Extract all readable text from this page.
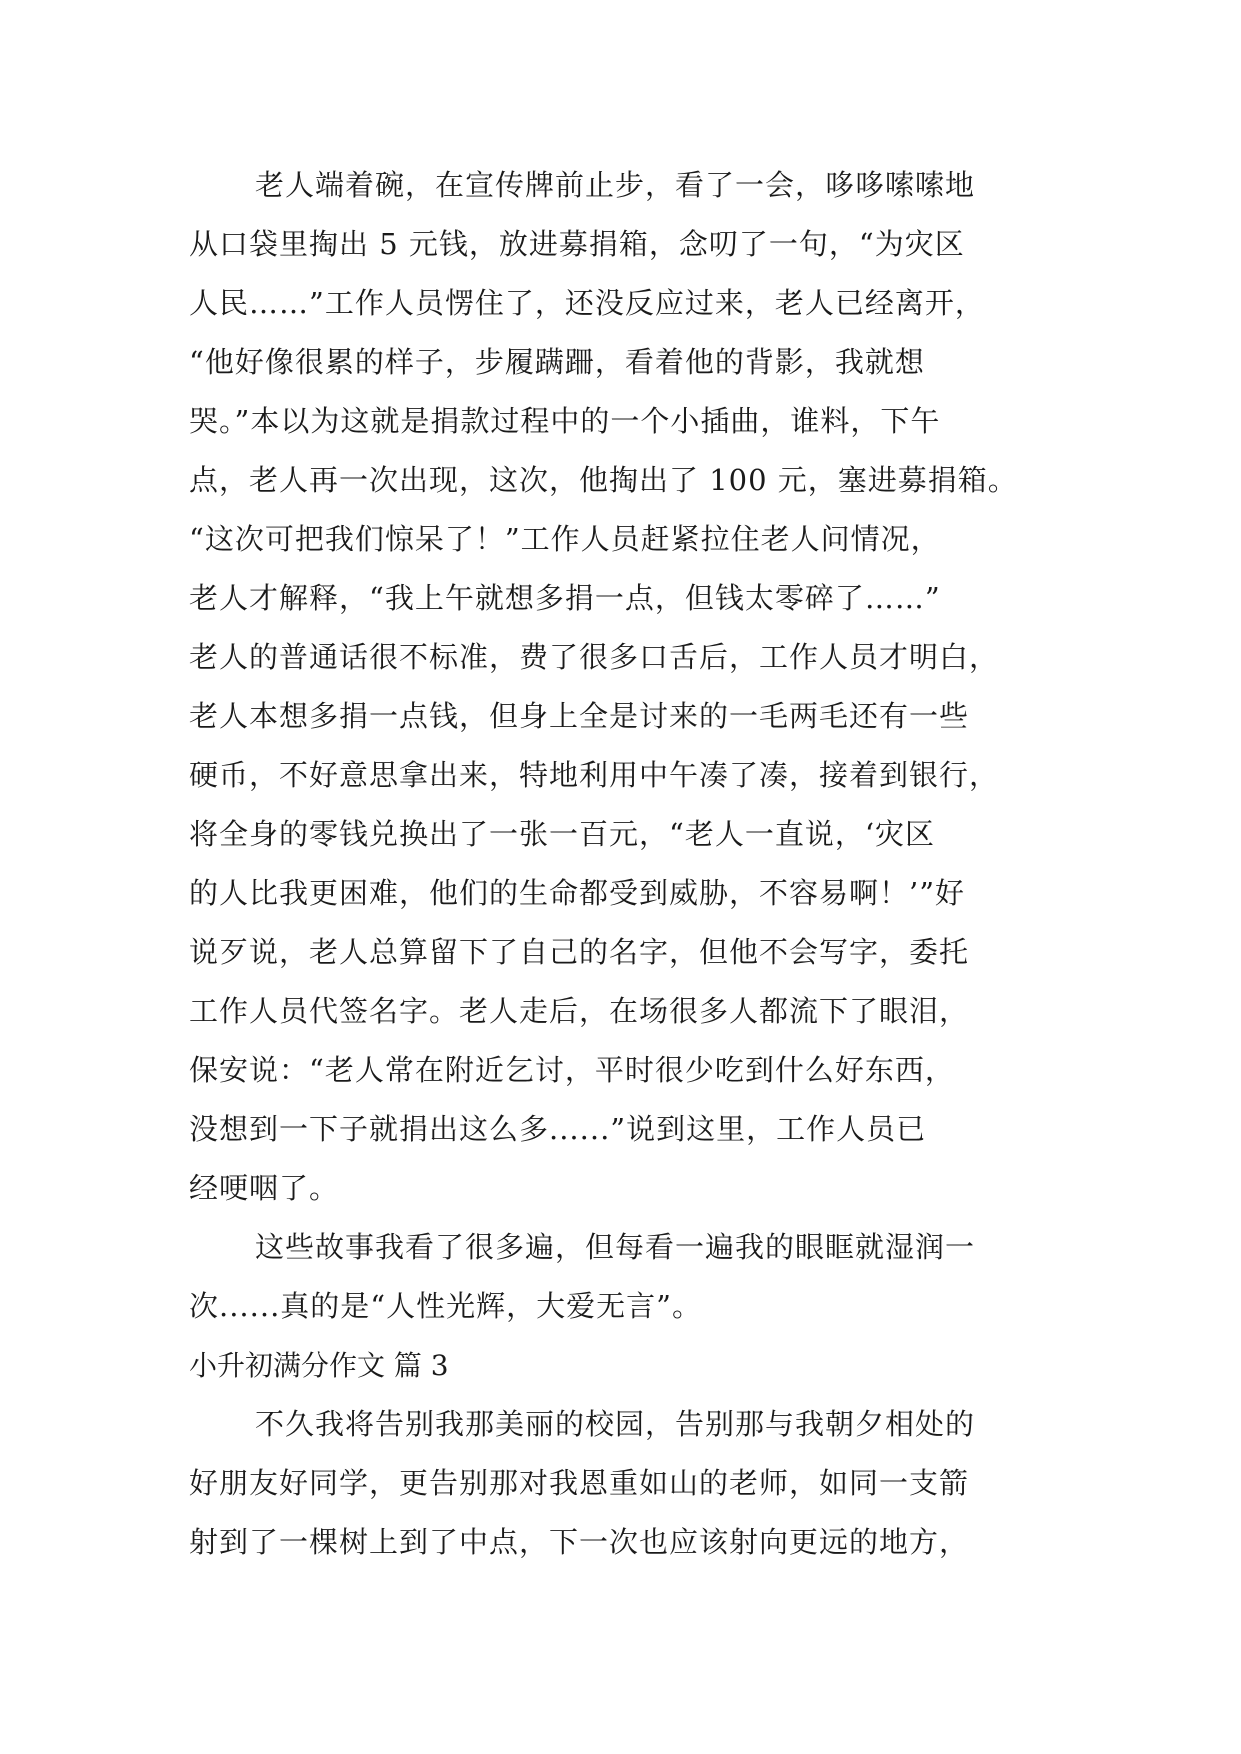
老人端着碗，在宣传牌前止步，看了一会，哆哆嗦嗦地
从口袋里掏出 5 元钱，放进募捐箱，念叨了一句，“为灾区
人民……”工作人员愣住了，还没反应过来，老人已经离开，
“他好像很累的样子，步履蹒跚，看着他的背影，我就想
哭。”本以为这就是捐款过程中的一个小插曲，谁料，下午
点，老人再一次出现，这次，他掏出了 100 元，塞进募捐箱。
“这次可把我们惊呆了！”工作人员赶紧拉住老人问情况，
老人才解释，“我上午就想多捐一点，但钱太零碎了……”
老人的普通话很不标准，费了很多口舌后，工作人员才明白，
老人本想多捐一点钱，但身上全是讨来的一毛两毛还有一些
硬币，不好意思拿出来，特地利用中午凑了凑，接着到银行，
将全身的零钱兑换出了一张一百元，“老人一直说，‘灾区
的人比我更困难，他们的生命都受到威胁，不容易啊！’”好
说歹说，老人总算留下了自己的名字，但他不会写字，委托
工作人员代签名字。老人走后，在场很多人都流下了眼泪，
保安说：“老人常在附近乞讨，平时很少吃到什么好东西，
没想到一下子就捐出这么多......”说到这里，工作人员已
经哽咽了。
这些故事我看了很多遍，但每看一遍我的眼眶就湿润一
次......真的是“人性光辉，大爱无言”。
小升初满分作文 篇 3
不久我将告别我那美丽的校园，告别那与我朝夕相处的
好朋友好同学，更告别那对我恩重如山的老师，如同一支箭
射到了一棵树上到了中点，下一次也应该射向更远的地方，
